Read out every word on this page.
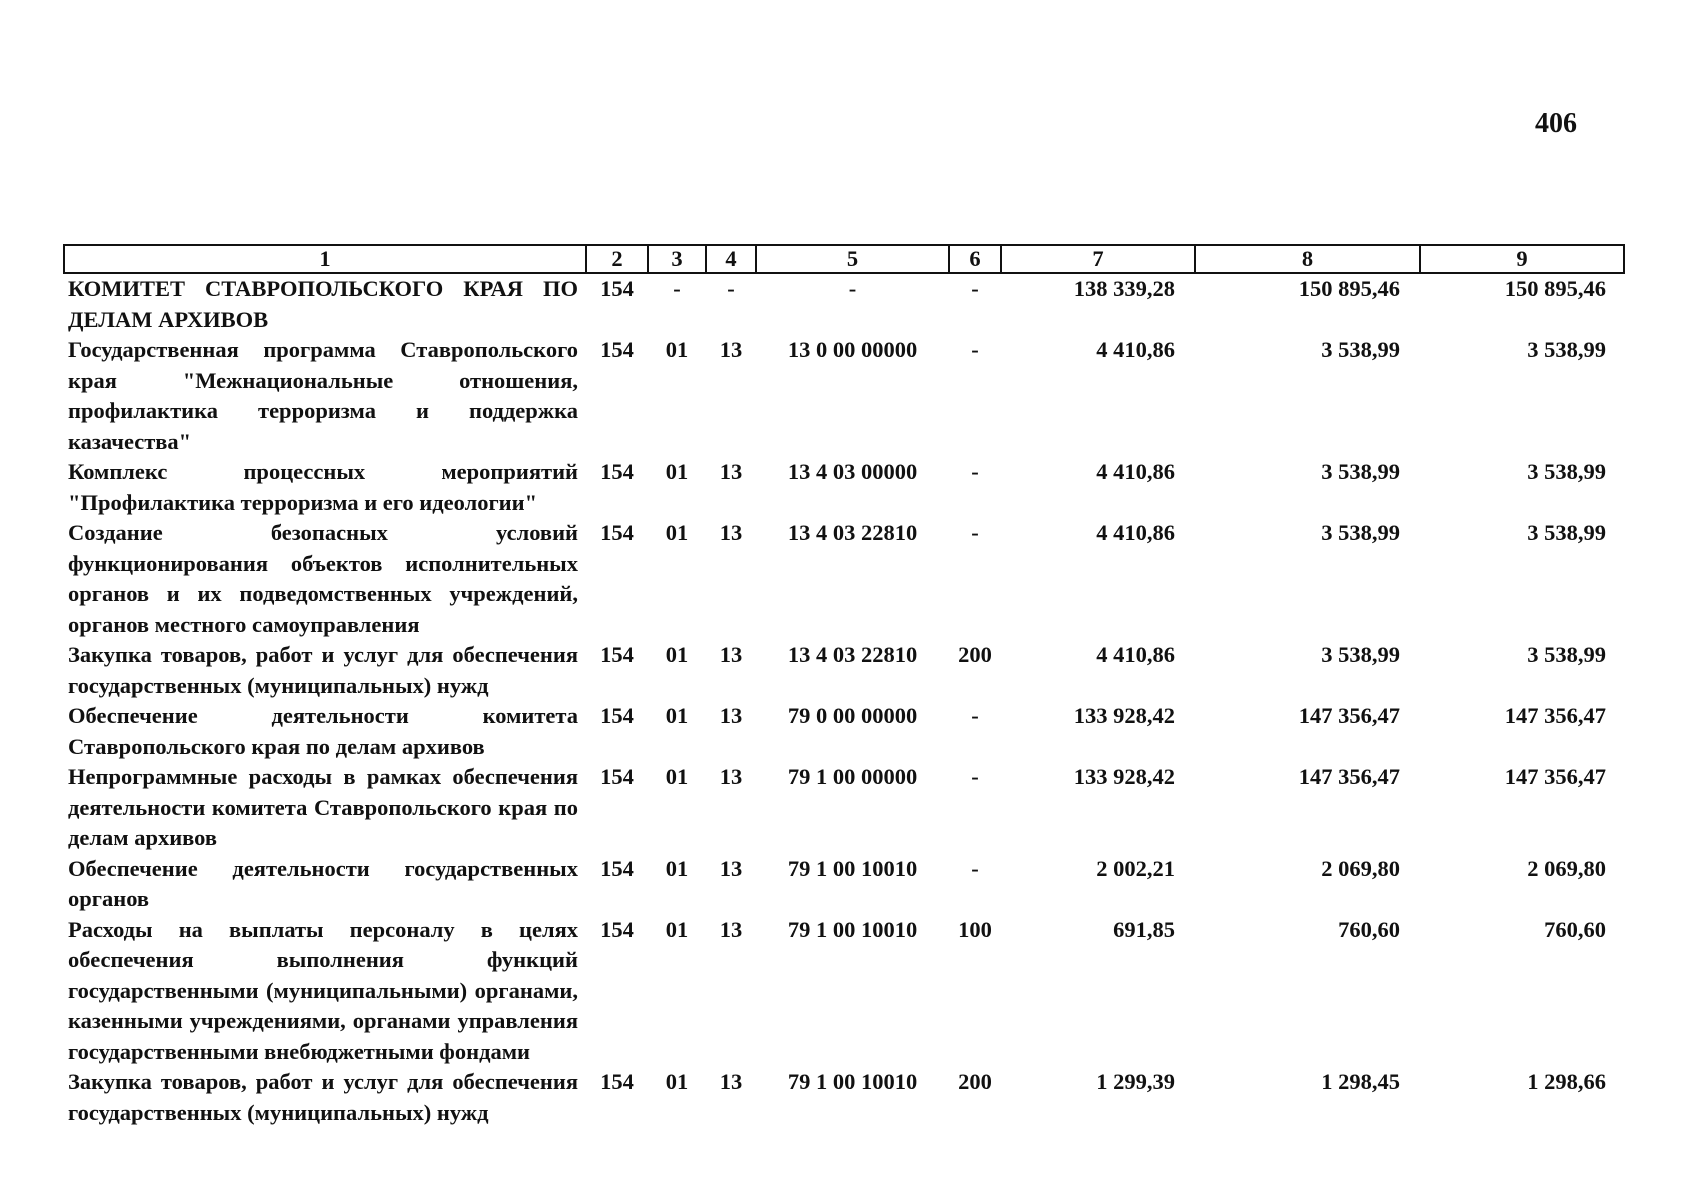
406
1	2	3	4	5	6	7	8	9
КОМИТЕТ СТАВРОПОЛЬСКОГО КРАЯ ПО ДЕЛАМ АРХИВОВ	154	-	-	-	-	138 339,28	150 895,46	150 895,46
Государственная программа Ставропольского края "Межнациональные отношения, профилактика терроризма и поддержка казачества"	154	01	13	13 0 00 00000	-	4 410,86	3 538,99	3 538,99
Комплекс процессных мероприятий "Профилактика терроризма и его идеологии"	154	01	13	13 4 03 00000	-	4 410,86	3 538,99	3 538,99
Создание безопасных условий функционирования объектов исполнительных органов и их подведомственных учреждений, органов местного самоуправления	154	01	13	13 4 03 22810	-	4 410,86	3 538,99	3 538,99
Закупка товаров, работ и услуг для обеспечения государственных (муниципальных) нужд	154	01	13	13 4 03 22810	200	4 410,86	3 538,99	3 538,99
Обеспечение деятельности комитета Ставропольского края по делам архивов	154	01	13	79 0 00 00000	-	133 928,42	147 356,47	147 356,47
Непрограммные расходы в рамках обеспечения деятельности комитета Ставропольского края по делам архивов	154	01	13	79 1 00 00000	-	133 928,42	147 356,47	147 356,47
Обеспечение деятельности государственных органов	154	01	13	79 1 00 10010	-	2 002,21	2 069,80	2 069,80
Расходы на выплаты персоналу в целях обеспечения выполнения функций государственными (муниципальными) органами, казенными учреждениями, органами управления государственными внебюджетными фондами	154	01	13	79 1 00 10010	100	691,85	760,60	760,60
Закупка товаров, работ и услуг для обеспечения государственных (муниципальных) нужд	154	01	13	79 1 00 10010	200	1 299,39	1 298,45	1 298,66
